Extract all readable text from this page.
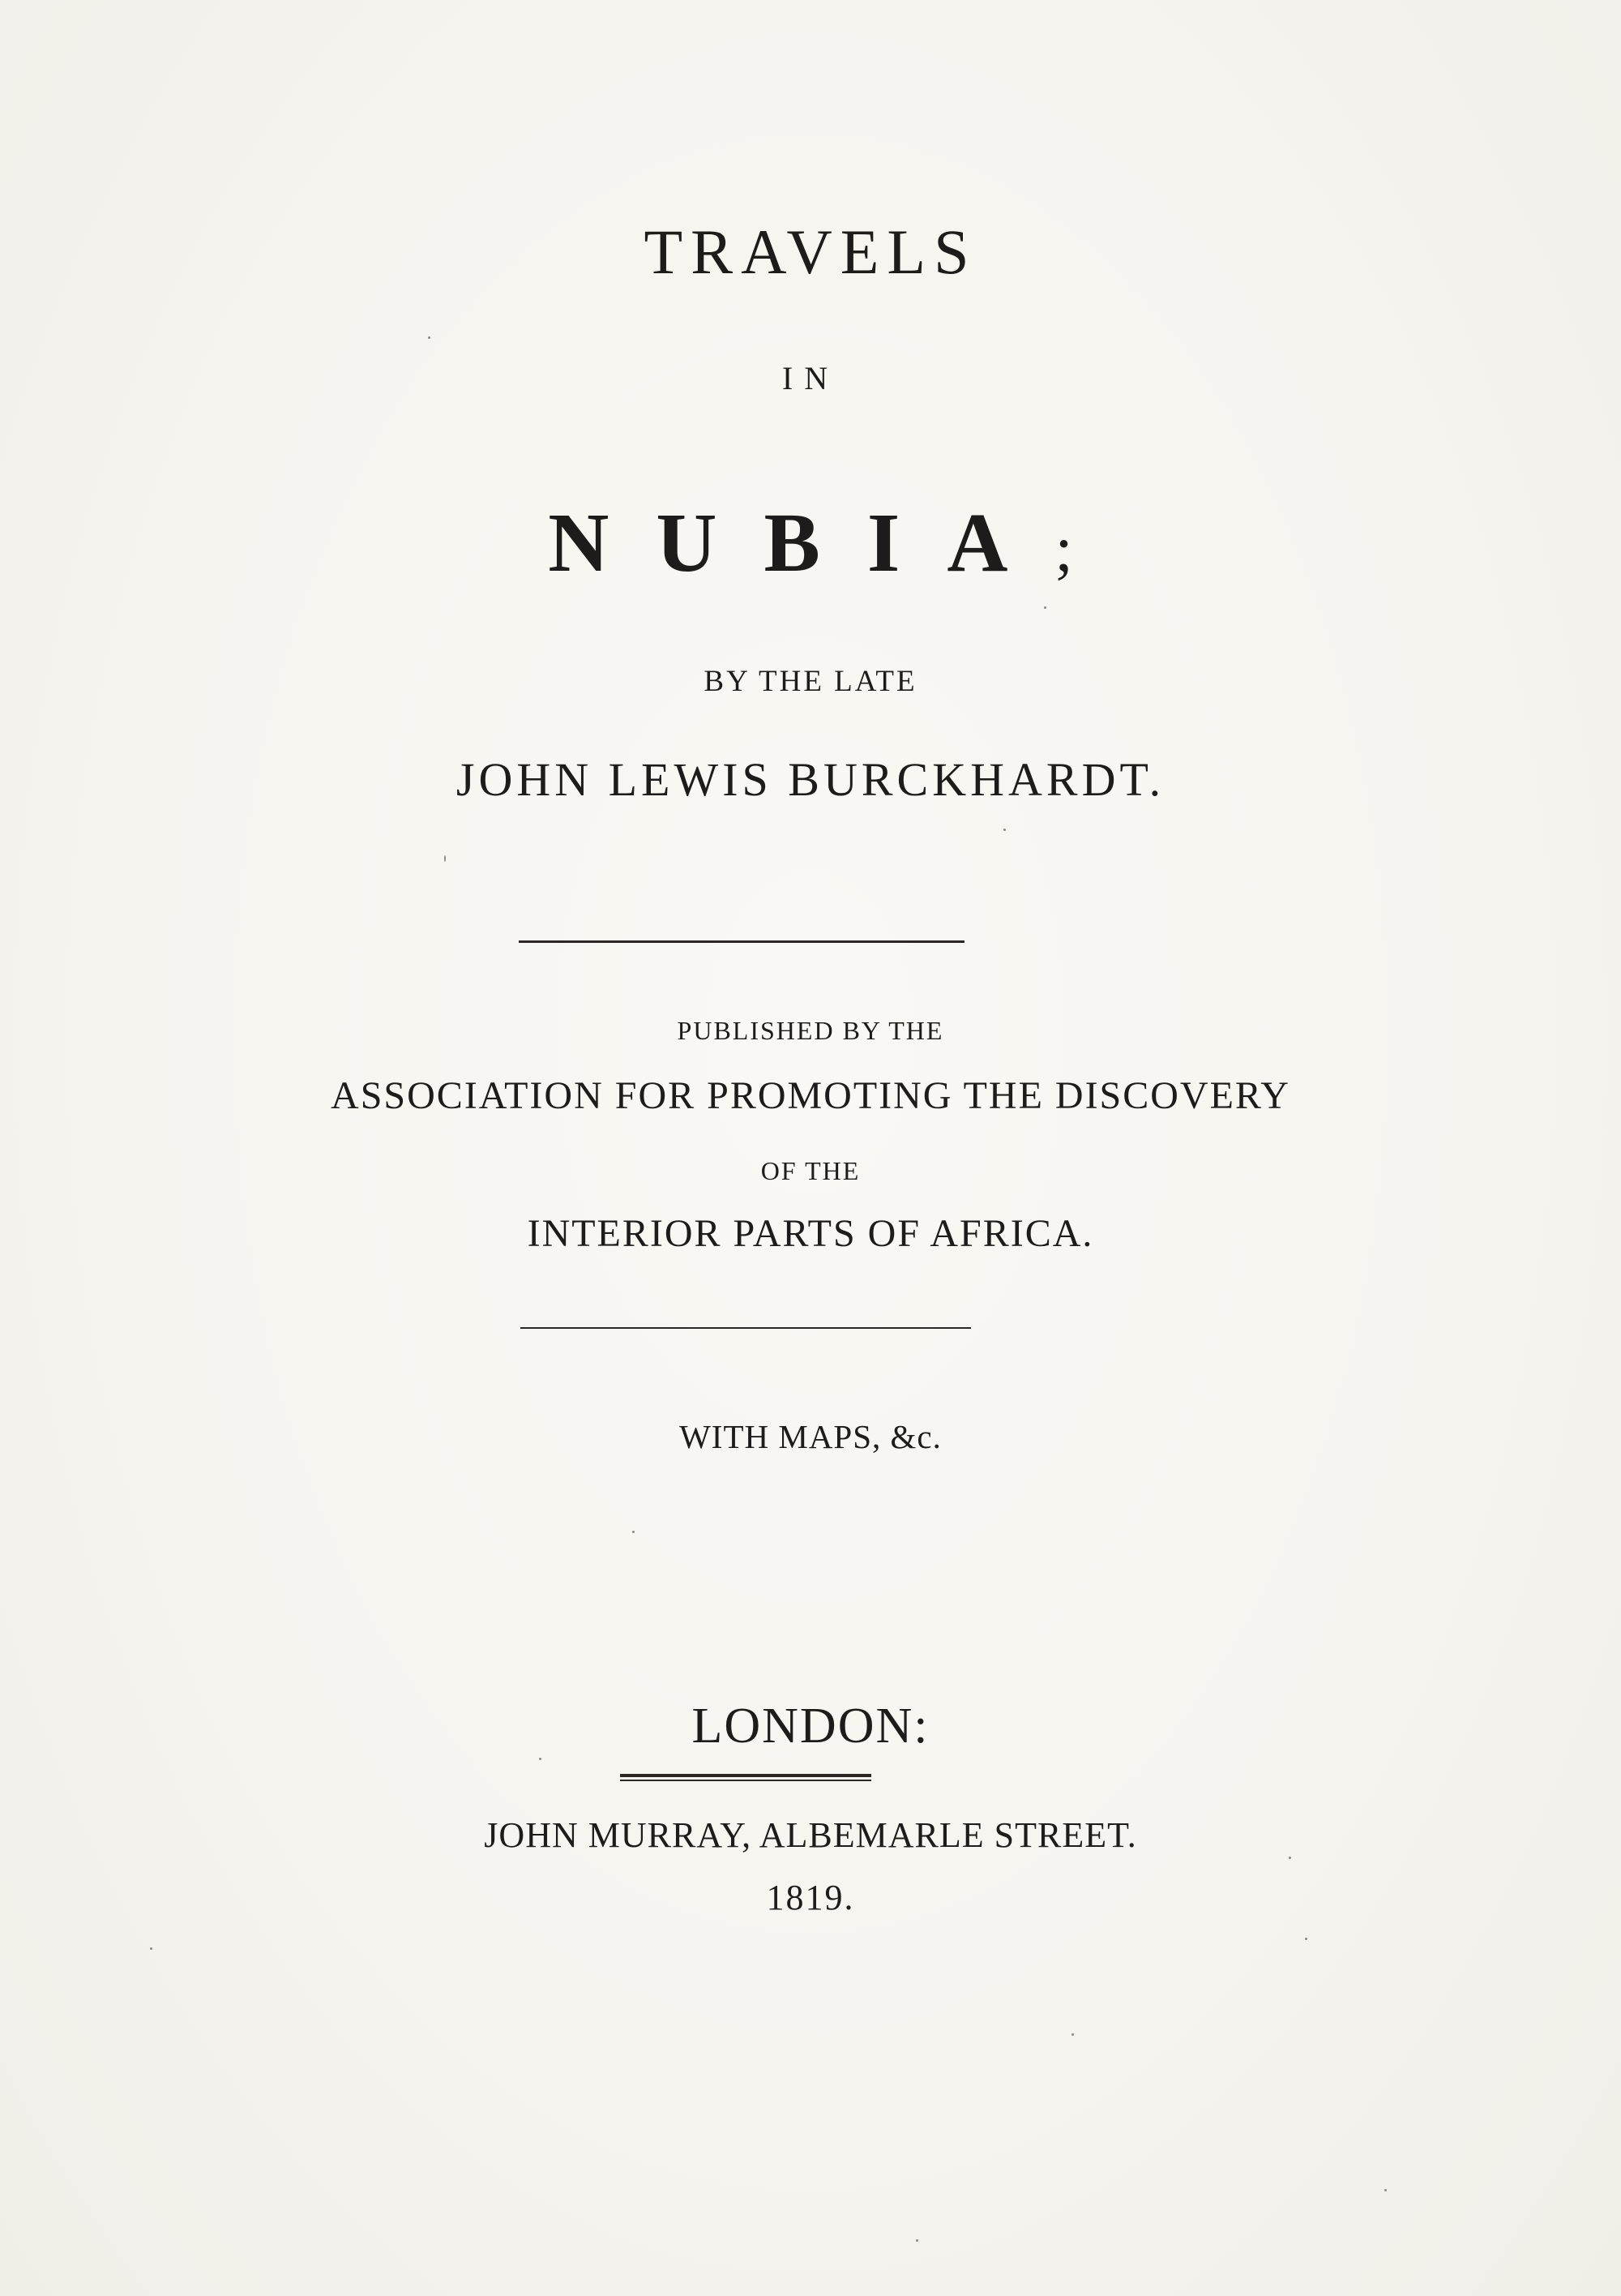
TRAVELS
IN
NUBIA;
BY THE LATE
JOHN LEWIS BURCKHARDT.
PUBLISHED BY THE
ASSOCIATION FOR PROMOTING THE DISCOVERY
OF THE
INTERIOR PARTS OF AFRICA.
WITH MAPS, &c.
LONDON:
JOHN MURRAY, ALBEMARLE STREET.
1819.
